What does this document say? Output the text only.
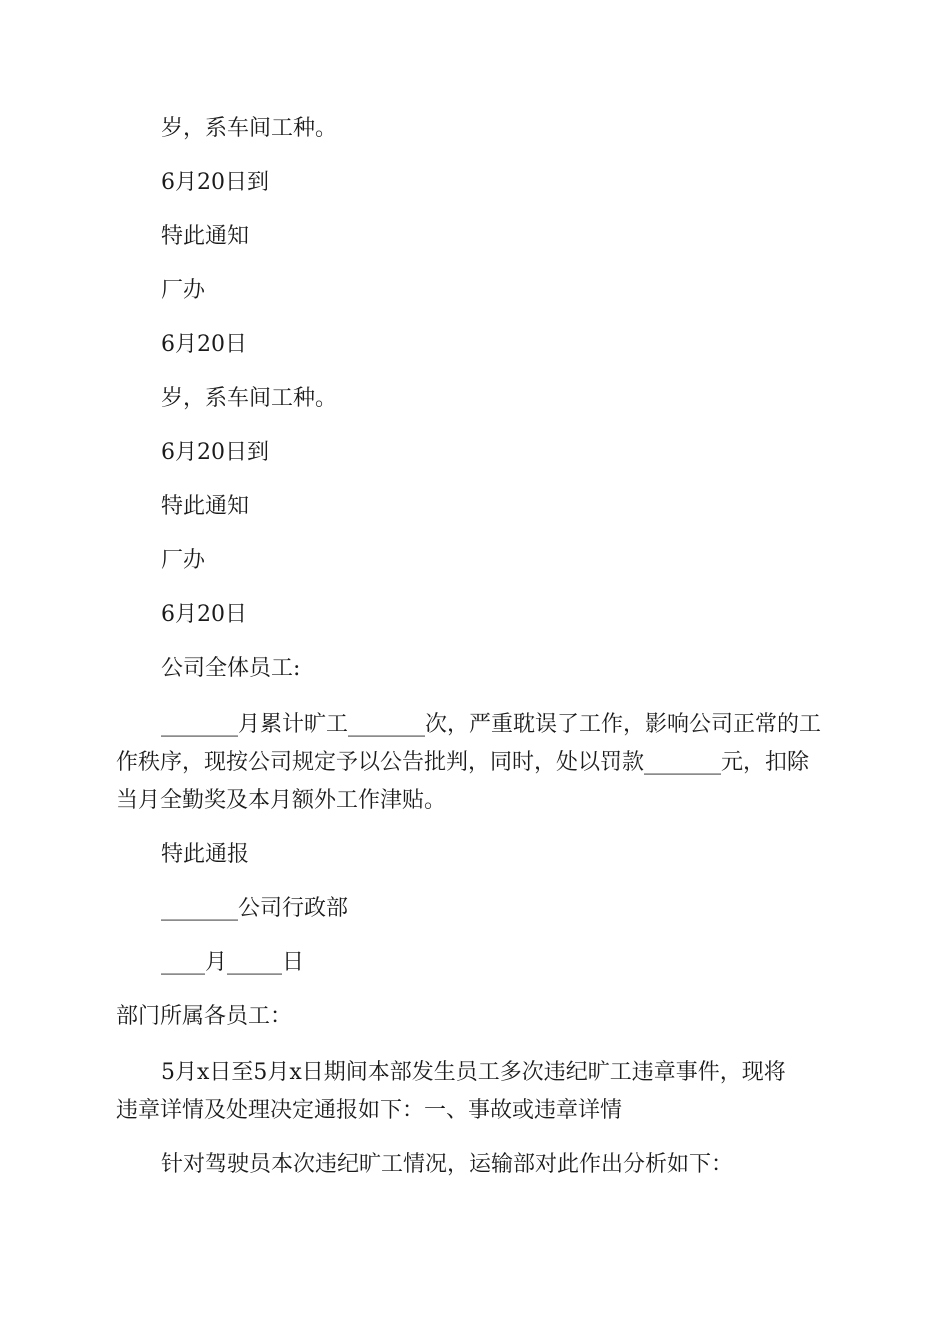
岁，系车间工种。

6月20日到

特此通知

厂办

6月20日

岁，系车间工种。

6月20日到

特此通知

厂办

6月20日

公司全体员工:

_______月累计旷工_______次，严重耽误了工作，影响公司正常的工

作秩序，现按公司规定予以公告批判，同时，处以罚款_______元，扣除

当月全勤奖及本月额外工作津贴。

特此通报

_______公司行政部

____月_____日

部门所属各员工：

5月x日至5月x日期间本部发生员工多次违纪旷工违章事件，现将

违章详情及处理决定通报如下：一、事故或违章详情

针对驾驶员本次违纪旷工情况，运输部对此作出分析如下：
